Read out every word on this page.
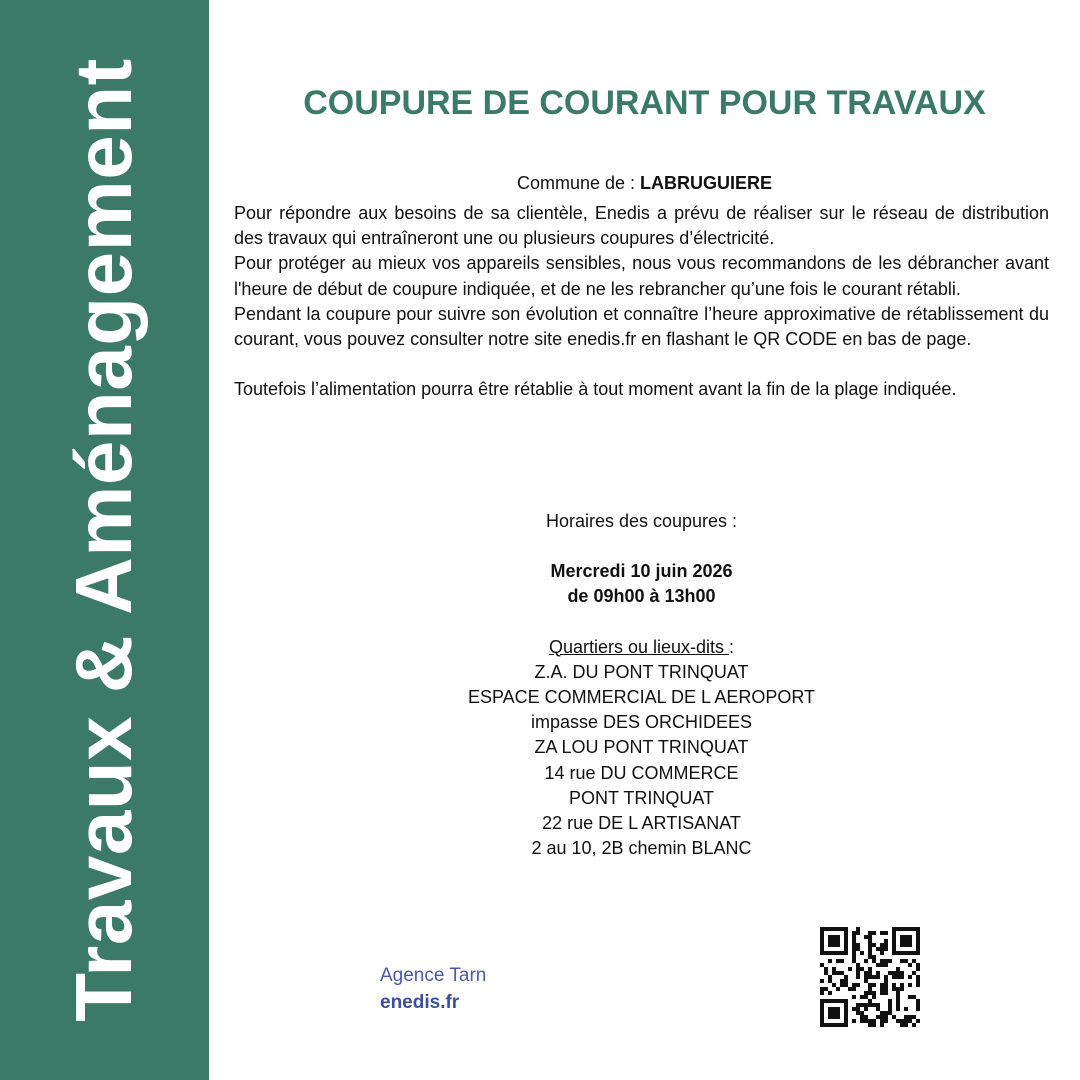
Travaux & Aménagement	COUPURE DE COURANT POUR TRAVAUX
Commune de : LABRUGUIERE

Pour répondre aux besoins de sa clientèle, Enedis a prévu de réaliser sur le réseau de distribution des travaux qui entraîneront une ou plusieurs coupures d’électricité.

Pour protéger au mieux vos appareils sensibles, nous vous recommandons de les débrancher avant l'heure de début de coupure indiquée, et de ne les rebrancher qu’une fois le courant rétabli.

Pendant la coupure pour suivre son évolution et connaître l’heure approximative de rétablissement du courant, vous pouvez consulter notre site enedis.fr en flashant le QR CODE en bas de page.

Toutefois l’alimentation pourra être rétablie à tout moment avant la fin de la plage indiquée.

Horaires des coupures :
Mercredi 10 juin 2026
de 09h00 à 13h00
Quartiers ou lieux-dits :
Z.A. DU PONT TRINQUAT
ESPACE COMMERCIAL DE L AEROPORT
impasse DES ORCHIDEES
ZA LOU PONT TRINQUAT
14 rue DU COMMERCE
PONT TRINQUAT
22 rue DE L ARTISANAT
2 au 10, 2B chemin BLANC
Agence Tarn
enedis.fr
